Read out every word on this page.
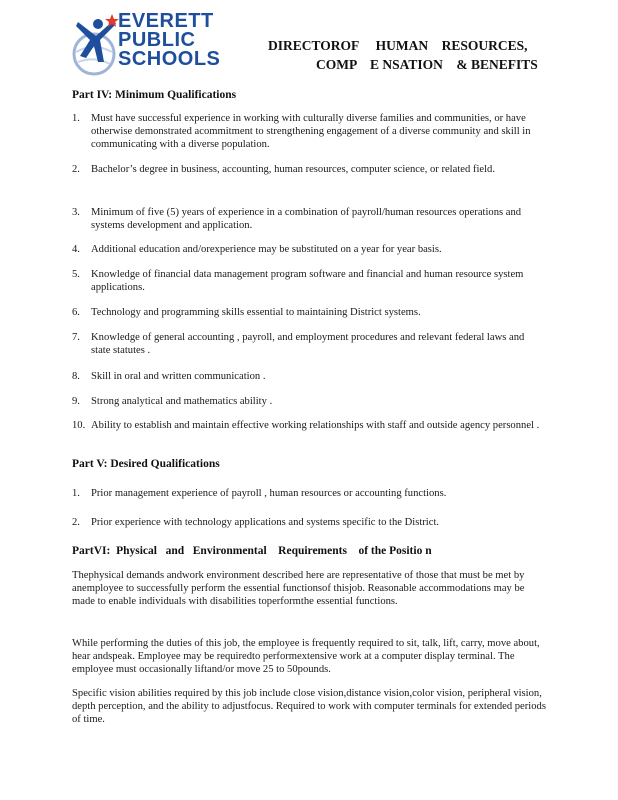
EVERETT
PUBLIC
SCHOOLS
DIRECTOROF     HUMAN    RESOURCES,
COMP    E NSATION    & BENEFITS
Part IV: Minimum Qualifications
1. Must have successful experience in working with culturally diverse families and communities, or have otherwise demonstrated acommitment to strengthening engagement of a diverse community and skill in communicating with a diverse population.
2. Bachelor’s degree in business, accounting, human resources, computer science, or related field.
3. Minimum of five (5) years of experience in a combination of payroll/human resources operations and systems development and application.
4. Additional education and/orexperience may be substituted on a year for year basis.
5. Knowledge of financial data management program software and financial and human resource system applications.
6. Technology and programming skills essential to maintaining District systems.
7. Knowledge of general accounting , payroll, and employment procedures and relevant federal laws and state statutes .
8. Skill in oral and written communication .
9. Strong analytical and mathematics ability .
10. Ability to establish and maintain effective working relationships with staff and outside agency personnel .
Part V: Desired Qualifications
1. Prior management experience of payroll , human resources or accounting functions.
2. Prior experience with technology applications and systems specific to the District.
PartVI:  Physical   and   Environmental    Requirements    of the Positio n
Thephysical demands andwork environment described here are representative of those that must be met by anemployee to successfully perform the essential functionsof thisjob. Reasonable accommodations may be made to enable individuals with disabilities toperformthe essential functions.
While performing the duties of this job, the employee is frequently required to sit, talk, lift, carry, move about, hear andspeak. Employee may be requiredto performextensive work at a computer display terminal. The employee must occasionally liftand/or move 25 to 50pounds.
Specific vision abilities required by this job include close vision,distance vision,color vision, peripheral vision, depth perception, and the ability to adjustfocus. Required to work with computer terminals for extended periods of time.
